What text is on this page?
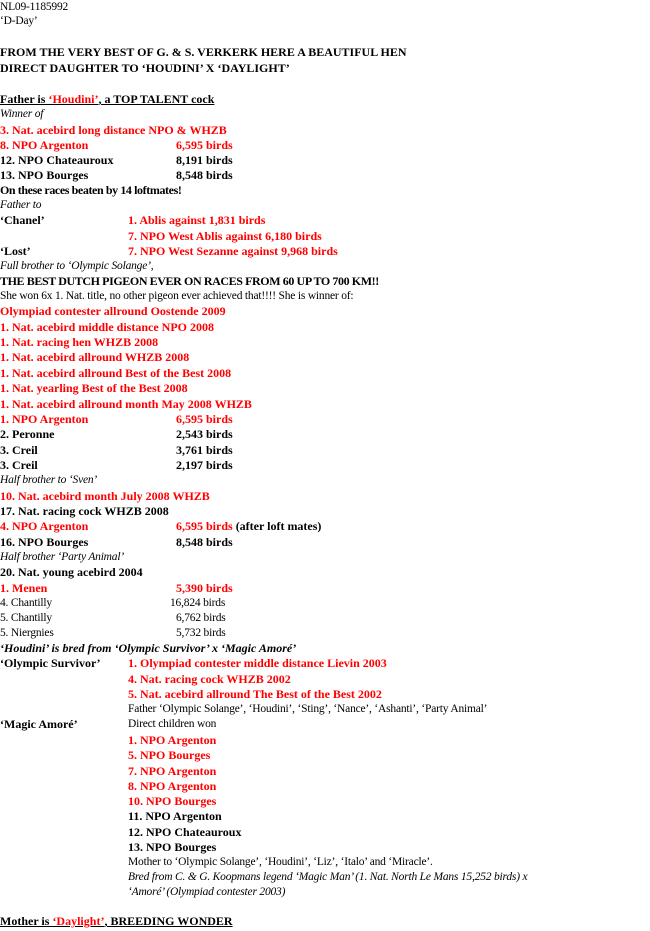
NL09-1185992
‘D-Day’
FROM THE VERY BEST OF G. & S. VERKERK HERE A BEAUTIFUL HEN
DIRECT DAUGHTER TO ‘HOUDINI’ X ‘DAYLIGHT’
Father is ‘Houdini’, a TOP TALENT cock
Winner of
3. Nat. acebird long distance NPO & WHZB
8. NPO Argenton	6,595 birds
12. NPO Chateauroux	8,191 birds
13. NPO Bourges	8,548 birds
On these races beaten by 14 loftmates!
Father to
‘Chanel’	1. Ablis against 1,831 birds
7. NPO West Ablis against 6,180 birds
‘Lost’	7. NPO West Sezanne against 9,968 birds
Full brother to ‘Olympic Solange’,
THE BEST DUTCH PIGEON EVER ON RACES FROM 60 UP TO 700 KM!!
She won 6x 1. Nat. title, no other pigeon ever achieved that!!!! She is winner of:
Olympiad contester allround Oostende 2009
1. Nat. acebird middle distance NPO 2008
1. Nat. racing hen WHZB 2008
1. Nat. acebird allround WHZB 2008
1. Nat. acebird allround Best of the Best 2008
1. Nat. yearling Best of the Best 2008
1. Nat. acebird allround month May 2008 WHZB
1. NPO Argenton	6,595 birds
2. Peronne	2,543 birds
3. Creil	3,761 birds
3. Creil	2,197 birds
Half brother to ‘Sven’
10. Nat. acebird month July 2008 WHZB
17. Nat. racing cock WHZB 2008
4. NPO Argenton	6,595 birds (after loft mates)
16. NPO Bourges	8,548 birds
Half brother ‘Party Animal’
20. Nat. young acebird 2004
1. Menen	5,390 birds
4. Chantilly	16,824 birds
5. Chantilly	6,762 birds
5. Niergnies	5,732 birds
‘Houdini’ is bred from ‘Olympic Survivor’ x ‘Magic Amoré’
‘Olympic Survivor’ 1. Olympiad contester middle distance Lievin 2003
4. Nat. racing cock WHZB 2002
5. Nat. acebird allround The Best of the Best 2002
Father ‘Olympic Solange’, ‘Houdini’, ‘Sting’, ‘Nance’, ‘Ashanti’, ‘Party Animal’
‘Magic Amoré’	Direct children won
1. NPO Argenton
5. NPO Bourges
7. NPO Argenton
8. NPO Argenton
10. NPO Bourges
11. NPO Argenton
12. NPO Chateauroux
13. NPO Bourges
Mother to ‘Olympic Solange’, ‘Houdini’, ‘Liz’, ‘Italo’ and ‘Miracle’.
Bred from C. & G. Koopmans legend ‘Magic Man’ (1. Nat. North Le Mans 15,252 birds) x
‘Amoré’ (Olympiad contester 2003)
Mother is ‘Daylight’, BREEDING WONDER
